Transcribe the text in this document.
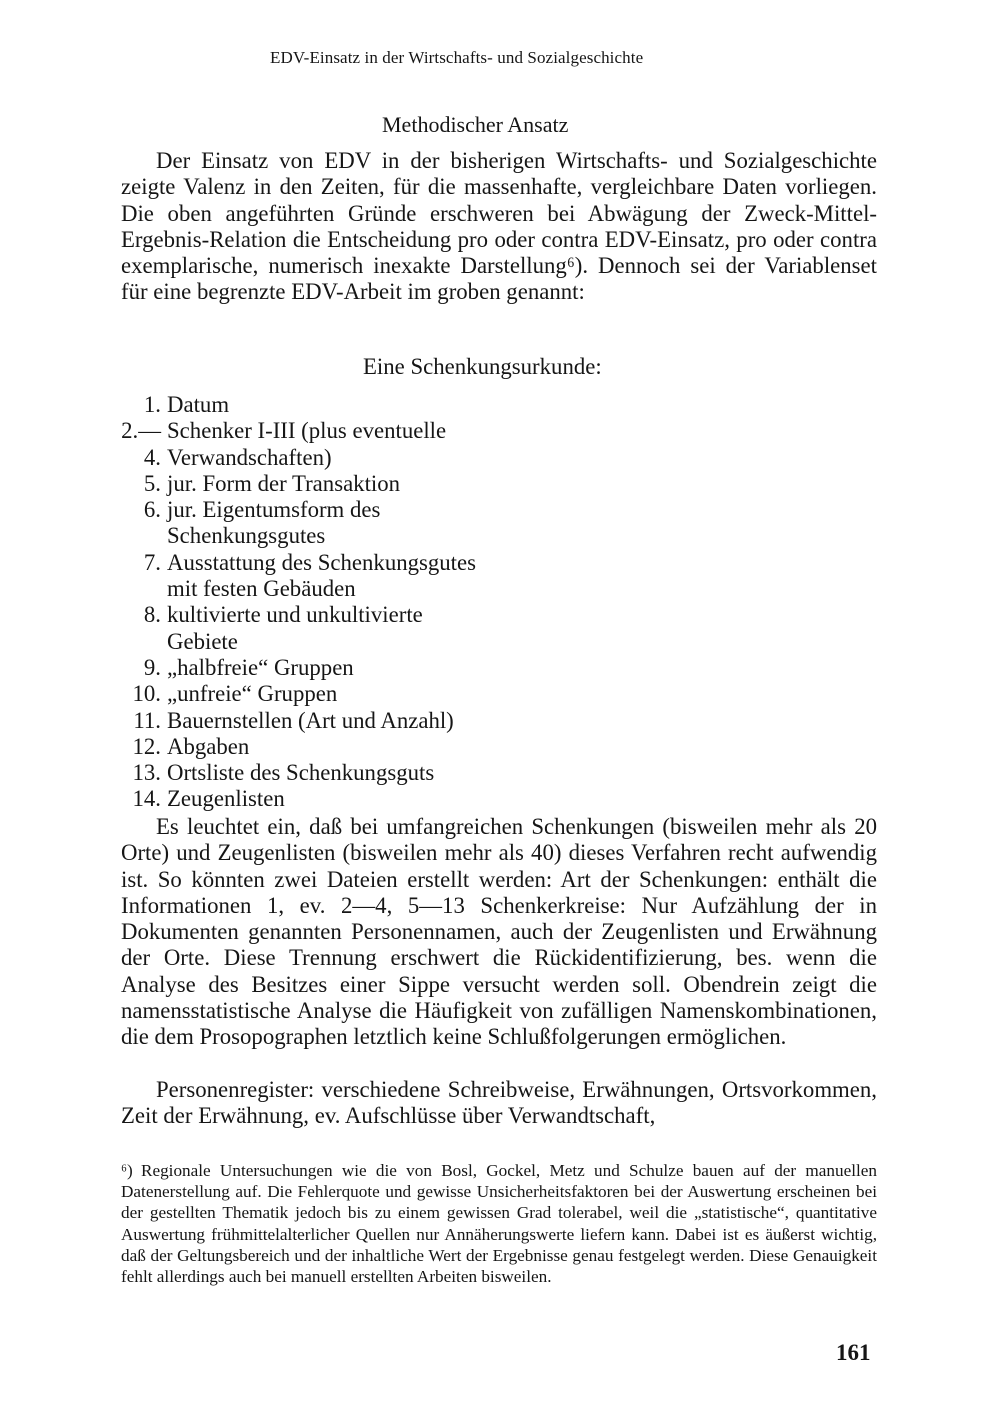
EDV-Einsatz in der Wirtschafts- und Sozialgeschichte
Methodischer Ansatz

Der Einsatz von EDV in der bisherigen Wirtschafts- und Sozialgeschichte zeigte Valenz in den Zeiten, für die massenhafte, vergleichbare Daten vorliegen. Die oben angeführten Gründe erschweren bei Abwägung der Zweck-Mittel-Ergebnis-Relation die Entscheidung pro oder contra EDV-Einsatz, pro oder contra exemplarische, numerisch inexakte Darstellung⁶). Dennoch sei der Variablenset für eine begrenzte EDV-Arbeit im groben genannt:

Eine Schenkungsurkunde:
1. Datum
2.—4.
Schenker I-III (plus eventuelle Verwandschaften)
5. jur. Form der Transaktion
6. jur. Eigentumsform des Schenkungsgutes
7. Ausstattung des Schenkungsgutes mit festen Gebäuden
8. kultivierte und unkultivierte Gebiete
9. „halbfreie“ Gruppen
10. „unfreie“ Gruppen
11. Bauernstellen (Art und Anzahl)
12. Abgaben
13. Ortsliste des Schenkungsguts
14. Zeugenlisten

Es leuchtet ein, daß bei umfangreichen Schenkungen (bisweilen mehr als 20 Orte) und Zeugenlisten (bisweilen mehr als 40) dieses Verfahren recht aufwendig ist. So könnten zwei Dateien erstellt werden: Art der Schenkungen: enthält die Informationen 1, ev. 2—4, 5—13 Schenkerkreise: Nur Aufzählung der in Dokumenten genannten Personennamen, auch der Zeugenlisten und Erwähnung der Orte. Diese Trennung erschwert die Rückidentifizierung, bes. wenn die Analyse des Besitzes einer Sippe versucht werden soll. Obendrein zeigt die namensstatistische Analyse die Häufigkeit von zufälligen Namenskombinationen, die dem Prosopographen letztlich keine Schlußfolgerungen ermöglichen.

Personenregister: verschiedene Schreibweise, Erwähnungen, Ortsvorkommen, Zeit der Erwähnung, ev. Aufschlüsse über Verwandtschaft,

⁶) Regionale Untersuchungen wie die von Bosl, Gockel, Metz und Schulze bauen auf der manuellen Datenerstellung auf. Die Fehlerquote und gewisse Unsicherheitsfaktoren bei der Auswertung erscheinen bei der gestellten Thematik jedoch bis zu einem gewissen Grad tolerabel, weil die „statistische“, quantitative Auswertung frühmittelalterlicher Quellen nur Annäherungswerte liefern kann. Dabei ist es äußerst wichtig, daß der Geltungsbereich und der inhaltliche Wert der Ergebnisse genau festgelegt werden. Diese Genauigkeit fehlt allerdings auch bei manuell erstellten Arbeiten bisweilen.

161
